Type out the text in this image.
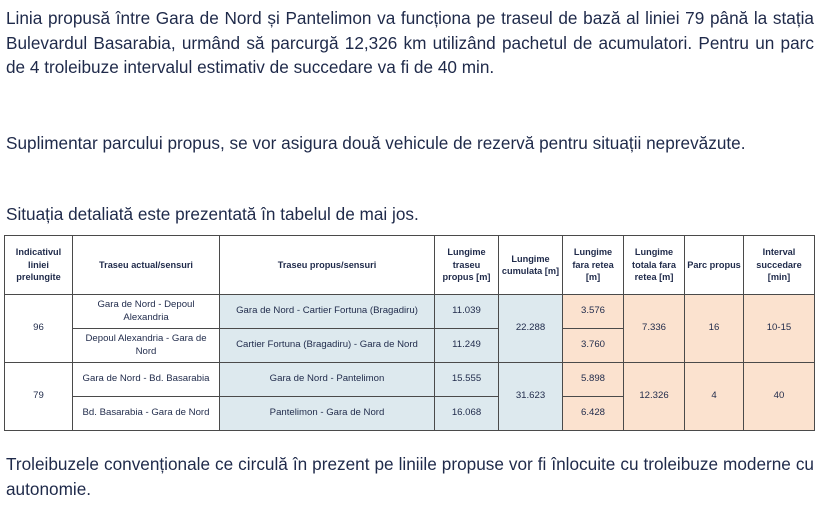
Linia propusă între Gara de Nord și Pantelimon va funcționa pe traseul de bază al liniei 79 până la stația Bulevardul Basarabia, urmând să parcurgă 12,326 km utilizând pachetul de acumulatori. Pentru un parc de 4 troleibuze intervalul estimativ de succedare va fi de 40 min.

Suplimentar parcului propus, se vor asigura două vehicule de rezervă pentru situații neprevăzute.

Situația detaliată este prezentată în tabelul de mai jos.

Indicativul liniei prelungite	Traseu actual/sensuri	Traseu propus/sensuri	Lungime traseu propus [m]	Lungime cumulata [m]	Lungime fara retea [m]	Lungime totala fara retea [m]	Parc propus	Interval succedare [min]
96	Gara de Nord - Depoul Alexandria	Gara de Nord - Cartier Fortuna (Bragadiru)	11.039	22.288	3.576	7.336	16	10-15
	Depoul Alexandria - Gara de Nord	Cartier Fortuna (Bragadiru) - Gara de Nord	11.249		3.760			
79	Gara de Nord - Bd. Basarabia	Gara de Nord - Pantelimon	15.555	31.623	5.898	12.326	4	40
	Bd. Basarabia - Gara de Nord	Pantelimon - Gara de Nord	16.068		6.428			

Troleibuzele convenționale ce circulă în prezent pe liniile propuse vor fi înlocuite cu troleibuze moderne cu autonomie.
